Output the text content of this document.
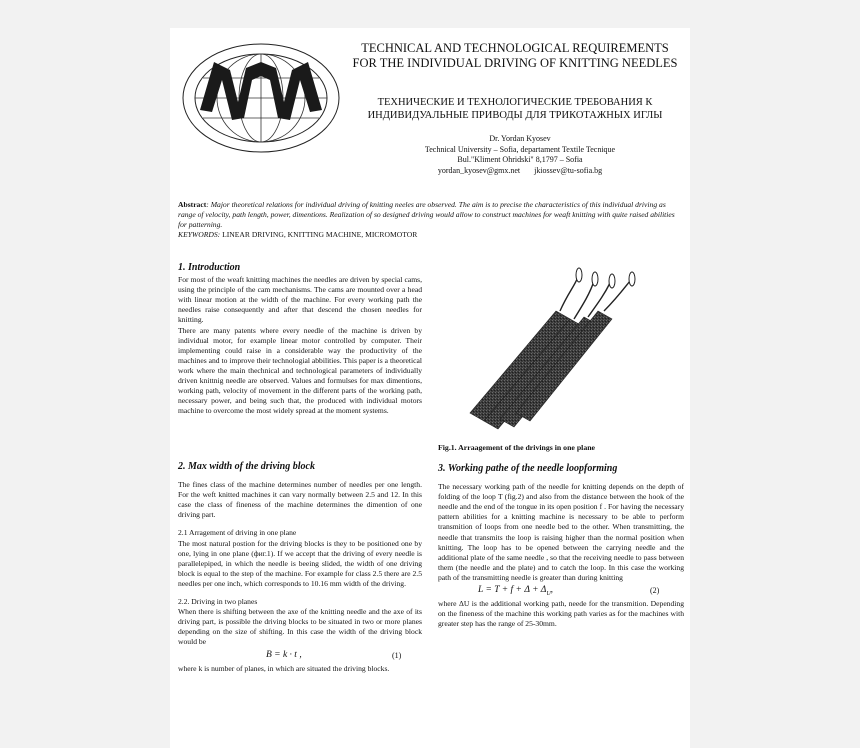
TECHNICAL AND TECHNOLOGICAL REQUIREMENTS FOR THE INDIVIDUAL DRIVING OF KNITTING NEEDLES
ТЕХНИЧЕСКИЕ И ТЕХНОЛОГИЧЕСКИЕ ТРЕБОВАНИЯ К ИНДИВИДУАЛЬНЫЕ ПРИВОДЫ ДЛЯ ТРИКОТАЖНЫХ ИГЛЫ
Dr. Yordan Kyosev
Technical University – Sofia, departament Textile Tecnique
Bul."Kliment Ohridski" 8,1797 – Sofia
yordan_kyosev@gmx.net jkiossev@tu-sofia.bg

Abstract: Major theoretical relations for individual driving of knitting neeles are observed. The aim is to precise the characteristics of this individual driving as range of velocity, path length, power, dimentions. Realization of so designed driving would allow to construct machines for weaft knitting with quite raised abilities for patterning.

KEYWORDS: LINEAR DRIVING, KNITTING MACHINE, MICROMOTOR

1. Introduction

For most of the weaft knitting machines the needles are driven by special cams, using the principle of the cam mechanisms. The cams are mounted over a head with linear motion at the width of the machine. For every working path the needles raise consequently and after that descend the chosen needles for knitting.

There are many patents where every needle of the machine is driven by individual motor, for example linear motor controlled by computer. Their implementing could raise in a considerable way the productivity of the machines and to improve their technologial abbilities. This paper is a theoretical work where the main thechnical and technological parameters of individually driven knittnig needle are observed. Values and formulses for max dimentions, working path, velocity of movement in the different parts of the working path, necessary power, and being such that, the produced with individual motors machine to overcome the most widely spread at the moment systems.

2. Max width of the driving block

The fines class of the machine determines number of needles per one length. For the weft knitted machines it can vary normally between 2.5 and 12. In this case the class of fineness of the machine determines the dimention of one driving part.

2.1 Arragement of driving in one plane

The most natural postion for the driving blocks is they to be positioned one by one, lying in one plane (фиг.1). If we accept that the driving of every needle is parallelepiped, in which the needle is beeing slided, the width of one driving block is equal to the step of the machine. For example for class 2.5 there are 2.5 needles per one inch, which corresponds to 10.16 mm width of the driving.

2.2. Driving in two planes

When there is shifting between the axe of the knitting needle and the axe of its driving part, is possible the driving blocks to be situated in two or more planes depending on the size of shifting. In this case the width of the driving block would be

B = k · t ,	(1)

where k is number of planes, in which are situated the driving blocks.

Fig.1. Arraagement of the drivings in one plane
3. Working pathe of the needle loopforming

The necessary working path of the needle for knitting depends on the depth of folding of the loop T (fig.2) and also from the distance between the hook of the needle and the end of the tongue in its open position f . For having the necessary pattern abilities for a knitting machine is necessary to be able to perform transmition of loops from one needle bed to the other. When transmitting, the needle that transmits the loop is raising higher than the normal position when knitting. The loop has to be opened between the carrying needle and the additional plate of the same needle , so that the receiving needle to pass between them (the needle and the plate) and to catch the loop. In this case the working path of the transmitting needle is greater than during knitting

$L = T + f + \Delta + \Delta_U$,	(2)

where ΔU is the additional working path, neede for the transmition. Depending on the fineness of the machine this working path varies as for the machines with greater step has the range of 25-30mm.
